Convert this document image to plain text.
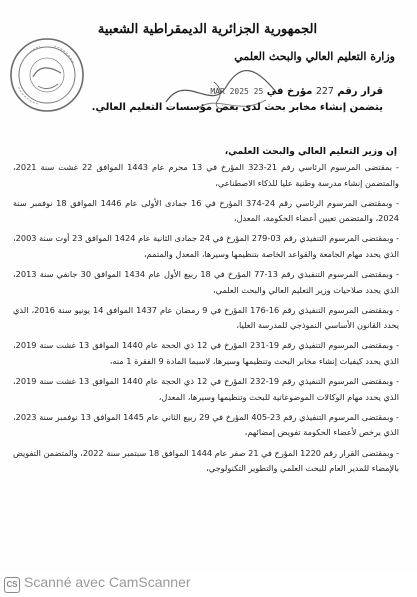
الجمهورية الجزائرية الديمقراطية الشعبية
وزارة التعليم العالي والبحث العلمي
قرار رقم 227 مؤرخ في 25 MAR 2025
يتضمن إنشاء مخابر بحث لدى بعض مؤسسات التعليم العالي.
إن وزير التعليم العالي والبحث العلمي،

- بمقتضى المرسوم الرئاسي رقم 21-323 المؤرخ في 13 محرم عام 1443 الموافق 22 غشت سنة 2021، والمتضمن إنشاء مدرسة وطنية عليا للذكاء الاصطناعي،

- وبمقتضى المرسوم الرئاسي رقم 24-374 المؤرخ في 16 جمادى الأولى عام 1446 الموافق 18 نوفمبر سنة 2024، والمتضمن تعيين أعضاء الحكومة، المعدل،

- وبمقتضى المرسوم التنفيذي رقم 03-279 المؤرخ في 24 جمادى الثانية عام 1424 الموافق 23 أوت سنة 2003، الذي يحدد مهام الجامعة والقواعد الخاصة بتنظيمها وسيرها، المعدل والمتمم،

- وبمقتضى المرسوم التنفيذي رقم 13-77 المؤرخ في 18 ربيع الأول عام 1434 الموافق 30 جانفي سنة 2013، الذي يحدد صلاحيات وزير التعليم العالي والبحث العلمي،

- وبمقتضى المرسوم التنفيذي رقم 16-176 المؤرخ في 9 رمضان عام 1437 الموافق 14 يونيو سنة 2016، الذي يحدد القانون الأساسي النموذجي للمدرسة العليا،

- وبمقتضى المرسوم التنفيذي رقم 19-231 المؤرخ في 12 ذي الحجة عام 1440 الموافق 13 غشت سنة 2019، الذي يحدد كيفيات إنشاء مخابر البحث وتنظيمها وسيرها، لاسيما المادة 9 الفقرة 1 منه،

- وبمقتضى المرسوم التنفيذي رقم 19-232 المؤرخ في 12 ذي الحجة عام 1440 الموافق 13 غشت سنة 2019، الذي يحدد مهام الوكالات الموضوعاتية للبحث وتنظيمها وسيرها، المعدل،

- وبمقتضى المرسوم التنفيذي رقم 23-405 المؤرخ في 29 ربيع الثاني عام 1445 الموافق 13 نوفمبر سنة 2023، الذي يرخص لأعضاء الحكومة تفويض إمضائهم،

- وبمقتضى القرار رقم 1220 المؤرخ في 21 صفر عام 1444 الموافق 18 سبتمبر سنة 2022، والمتضمن التفويض بالإمضاء للمدير العام للبحث العلمي والتطوير التكنولوجي،

CS Scanné avec CamScanner
